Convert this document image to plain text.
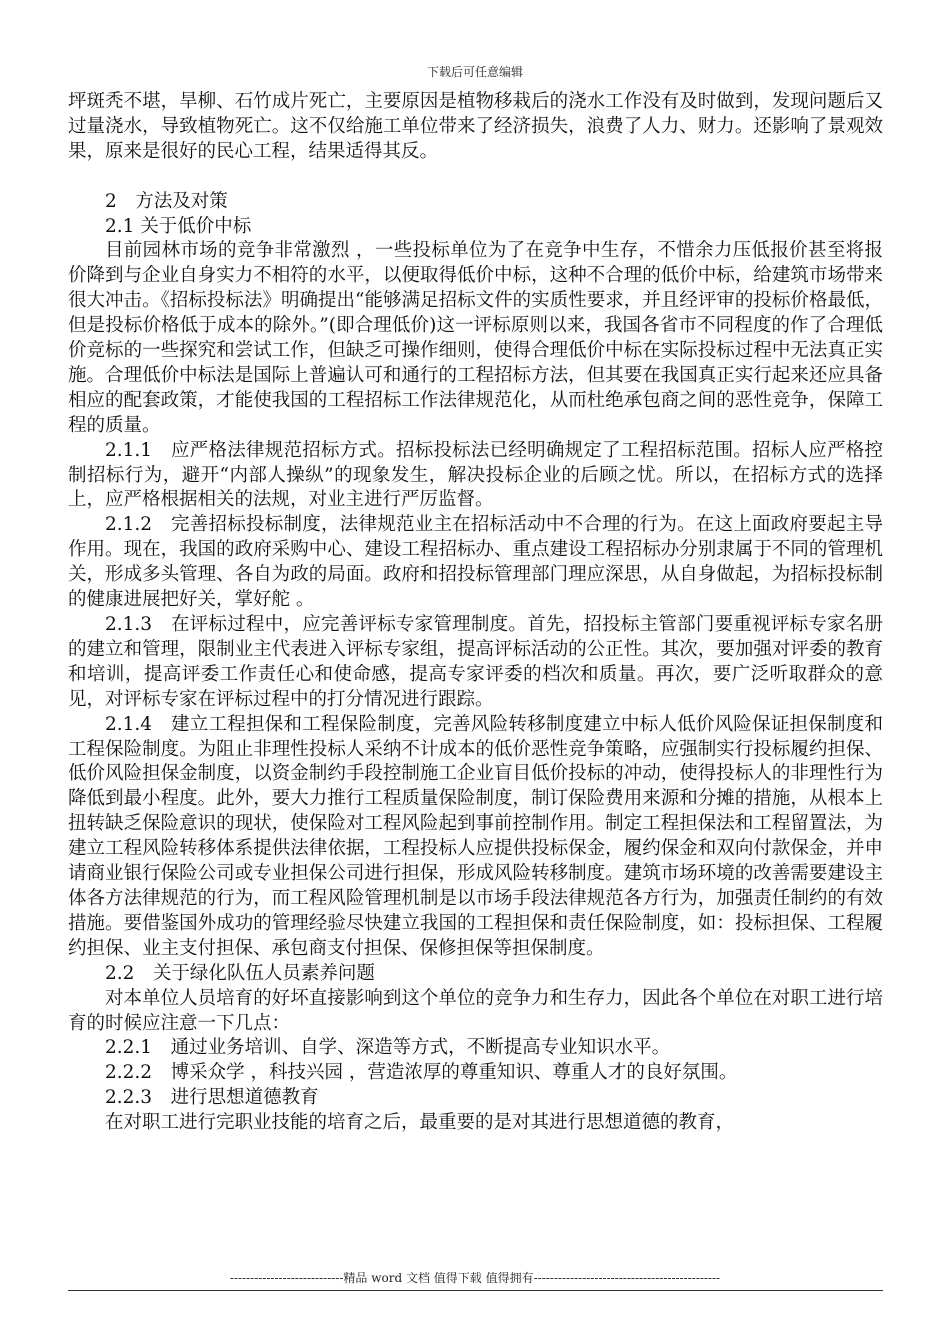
下载后可任意编辑

坪斑秃不堪，旱柳、石竹成片死亡，主要原因是植物移栽后的浇水工作没有及时做到，发现问题后又过量浇水，导致植物死亡。这不仅给施工单位带来了经济损失，浪费了人力、财力。还影响了景观效果，原来是很好的民心工程，结果适得其反。

2　方法及对策

2.1 关于低价中标

目前园林市场的竞争非常激烈 ，一些投标单位为了在竞争中生存，不惜余力压低报价甚至将报价降到与企业自身实力不相符的水平，以便取得低价中标，这种不合理的低价中标，给建筑市场带来很大冲击。《招标投标法》明确提出“能够满足招标文件的实质性要求，并且经评审的投标价格最低，但是投标价格低于成本的除外。”(即合理低价)这一评标原则以来，我国各省市不同程度的作了合理低价竞标的一些探究和尝试工作，但缺乏可操作细则，使得合理低价中标在实际投标过程中无法真正实施。合理低价中标法是国际上普遍认可和通行的工程招标方法，但其要在我国真正实行起来还应具备相应的配套政策，才能使我国的工程招标工作法律规范化，从而杜绝承包商之间的恶性竞争，保障工程的质量。

2.1.1　应严格法律规范招标方式。招标投标法已经明确规定了工程招标范围。招标人应严格控制招标行为，避开“内部人操纵”的现象发生，解决投标企业的后顾之忧。所以，在招标方式的选择上，应严格根据相关的法规，对业主进行严厉监督。

2.1.2　完善招标投标制度，法律规范业主在招标活动中不合理的行为。在这上面政府要起主导作用。现在，我国的政府采购中心、建设工程招标办、重点建设工程招标办分别隶属于不同的管理机关，形成多头管理、各自为政的局面。政府和招投标管理部门理应深思，从自身做起，为招标投标制的健康进展把好关，掌好舵 。

2.1.3　在评标过程中，应完善评标专家管理制度。首先，招投标主管部门要重视评标专家名册的建立和管理，限制业主代表进入评标专家组，提高评标活动的公正性。其次，要加强对评委的教育和培训，提高评委工作责任心和使命感，提高专家评委的档次和质量。再次，要广泛听取群众的意见，对评标专家在评标过程中的打分情况进行跟踪。

2.1.4　建立工程担保和工程保险制度，完善风险转移制度建立中标人低价风险保证担保制度和工程保险制度。为阻止非理性投标人采纳不计成本的低价恶性竞争策略，应强制实行投标履约担保、低价风险担保金制度，以资金制约手段控制施工企业盲目低价投标的冲动，使得投标人的非理性行为降低到最小程度。此外，要大力推行工程质量保险制度，制订保险费用来源和分摊的措施，从根本上扭转缺乏保险意识的现状，使保险对工程风险起到事前控制作用。制定工程担保法和工程留置法，为建立工程风险转移体系提供法律依据，工程投标人应提供投标保金，履约保金和双向付款保金，并申请商业银行保险公司或专业担保公司进行担保，形成风险转移制度。建筑市场环境的改善需要建设主体各方法律规范的行为，而工程风险管理机制是以市场手段法律规范各方行为，加强责任制约的有效措施。要借鉴国外成功的管理经验尽快建立我国的工程担保和责任保险制度，如：投标担保、工程履约担保、业主支付担保、承包商支付担保、保修担保等担保制度。

2.2　关于绿化队伍人员素养问题

对本单位人员培育的好坏直接影响到这个单位的竞争力和生存力，因此各个单位在对职工进行培育的时候应注意一下几点：

2.2.1　通过业务培训、自学、深造等方式，不断提高专业知识水平。

2.2.2　博采众学 ，科技兴园 ，营造浓厚的尊重知识、尊重人才的良好氛围。

2.2.3　进行思想道德教育

在对职工进行完职业技能的培育之后，最重要的是对其进行思想道德的教育，

----------------------------精品 word 文档 值得下载 值得拥有----------------------------------------------
